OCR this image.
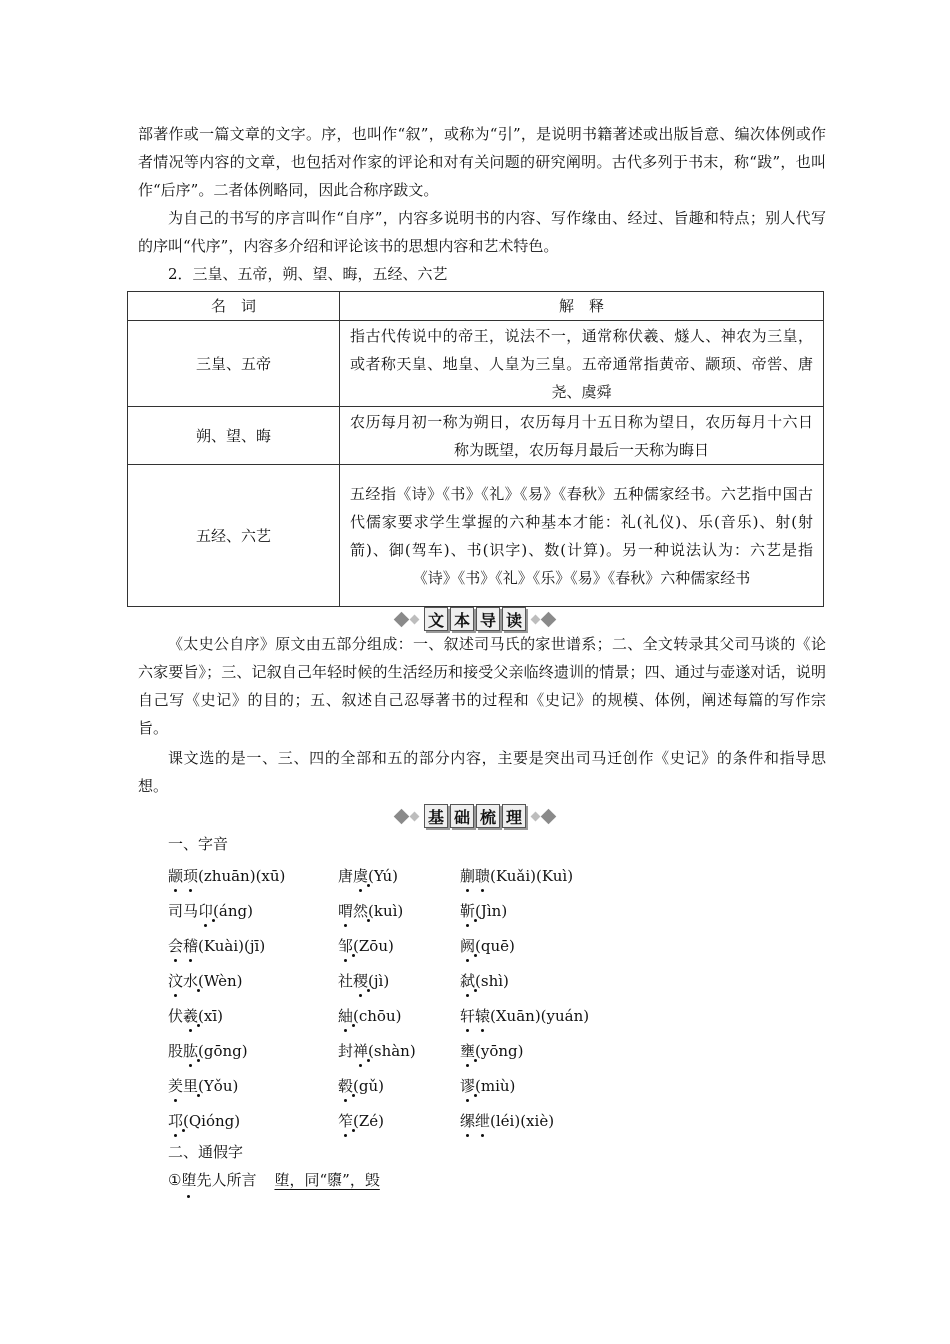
部著作或一篇文章的文字。序，也叫作“叙”，或称为“引”，是说明书籍著述或出版旨意、编次体例或作者情况等内容的文章，也包括对作家的评论和对有关问题的研究阐明。古代多列于书末，称“跋”，也叫作“后序”。二者体例略同，因此合称序跋文。

为自己的书写的序言叫作“自序”，内容多说明书的内容、写作缘由、经过、旨趣和特点；别人代写的序叫“代序”，内容多介绍和评论该书的思想内容和艺术特色。

2．三皇、五帝，朔、望、晦，五经、六艺
名　词	解　释
三皇、五帝	指古代传说中的帝王，说法不一，通常称伏羲、燧人、神农为三皇，或者称天皇、地皇、人皇为三皇。五帝通常指黄帝、颛顼、帝喾、唐尧、虞舜
朔、望、晦	农历每月初一称为朔日，农历每月十五日称为望日，农历每月十六日称为既望，农历每月最后一天称为晦日
五经、六艺	五经指《诗》《书》《礼》《易》《春秋》五种儒家经书。六艺指中国古代儒家要求学生掌握的六种基本才能：礼(礼仪)、乐(音乐)、射(射箭)、御(驾车)、书(识字)、数(计算)。另一种说法认为：六艺是指《诗》《书》《礼》《乐》《易》《春秋》六种儒家经书
文 本 导 读

《太史公自序》原文由五部分组成：一、叙述司马氏的家世谱系；二、全文转录其父司马谈的《论六家要旨》；三、记叙自己年轻时候的生活经历和接受父亲临终遗训的情景；四、通过与壶遂对话，说明自己写《史记》的目的；五、叙述自己忍辱著书的过程和《史记》的规模、体例，阐述每篇的写作宗旨。

课文选的是一、三、四的全部和五的部分内容，主要是突出司马迁创作《史记》的条件和指导思想。

基 础 梳 理
一、字音
颛顼(zhuān)(xū)	唐虞(Yú)	蒯聩(Kuǎi)(Kuì)
司马卬(áng)	喟然(kuì)	靳(Jìn)
会稽(Kuài)(jī)	邹(Zōu)	阙(quē)
汶水(Wèn)	社稷(jì)	弑(shì)
伏羲(xī)	紬(chōu)	轩辕(Xuān)(yuán)
股肱(gōng)	封禅(shàn)	壅(yōng)
羑里(Yǒu)	毂(gǔ)	谬(miù)
邛(Qióng)	笮(Zé)	缧绁(léi)(xiè)
二、通假字
①堕先人所言 堕，同“隳”，毁
